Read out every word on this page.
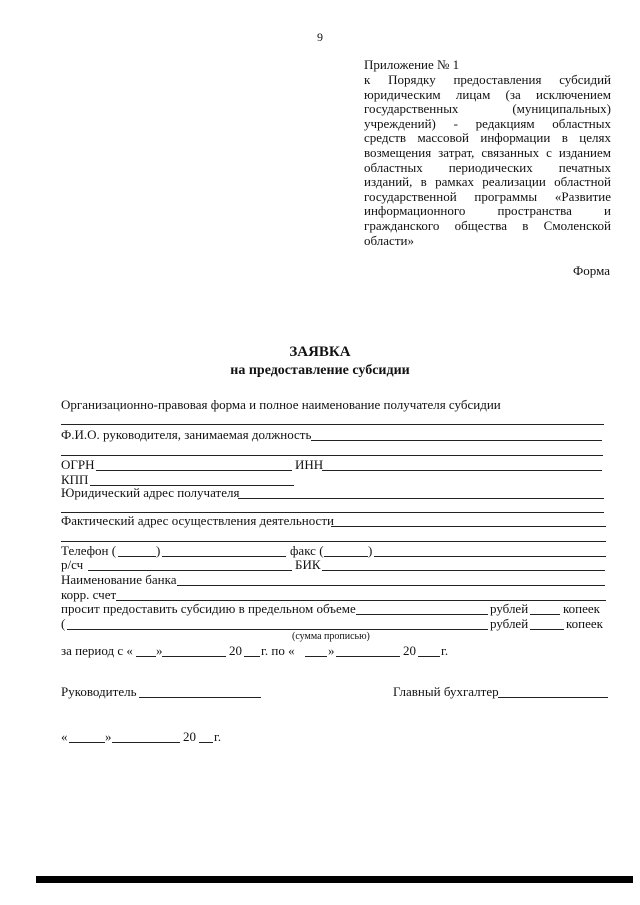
9
Приложение № 1
к Порядку предоставления субсидий
юридическим лицам (за исключением
государственных (муниципальных)
учреждений) - редакциям областных
средств массовой информации в целях
возмещения затрат, связанных с изданием
областных периодических печатных
изданий, в рамках реализации областной
государственной программы «Развитие
информационного пространства и
гражданского общества в Смоленской
области»
Форма
ЗАЯВКА
на предоставление субсидии
Организационно-правовая форма и полное наименование получателя субсидии
Ф.И.О. руководителя, занимаемая должность
ОГРН	ИНН
КПП
Юридический адрес получателя
Фактический адрес осуществления деятельности
Телефон (	)	факс (	)
р/сч	БИК
Наименование банка
корр. счет
просит предоставить субсидию в предельном объеме	рублей	копеек
(	рублей	копеек
(сумма прописью)
за период с « »	20 г. по «	»	20 г.
Руководитель	Главный бухгалтер
«	»	20 г.
